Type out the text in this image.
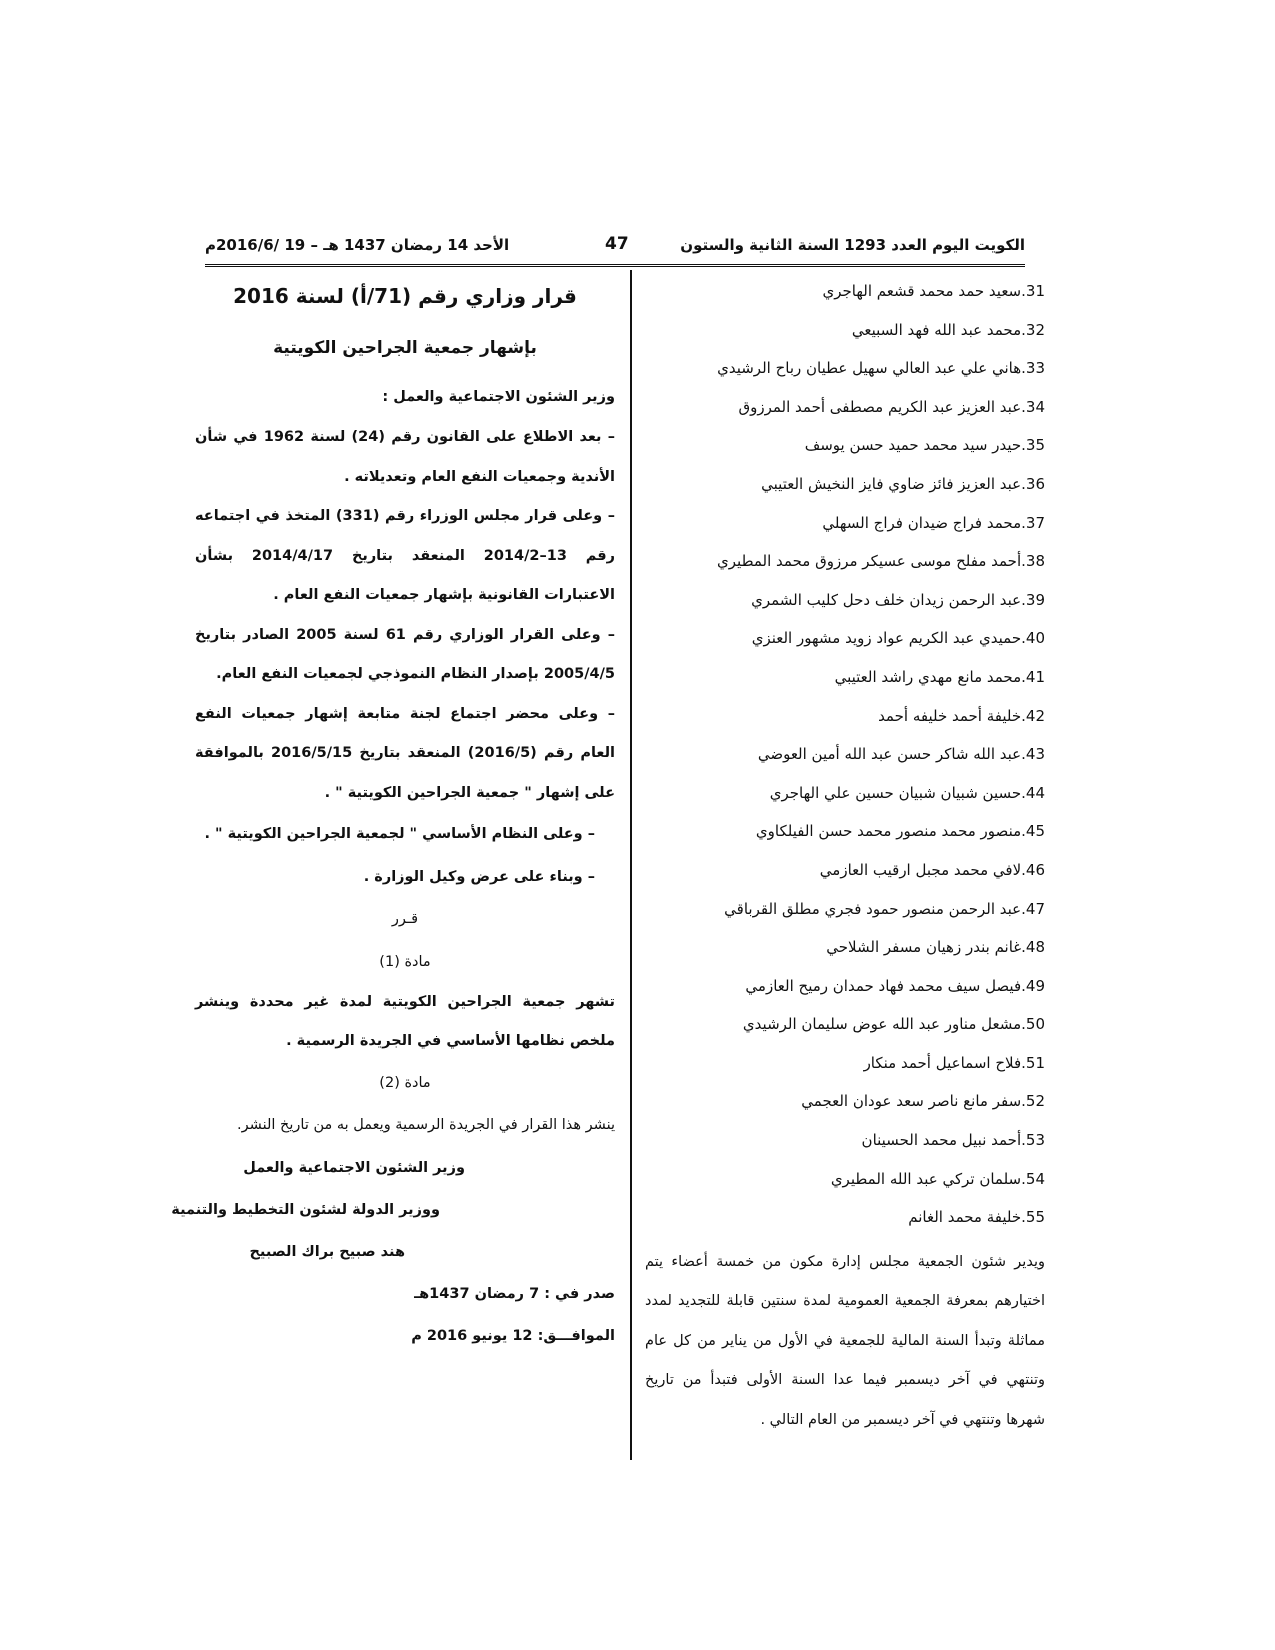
الكويت اليوم العدد 1293 السنة الثانية والستون
47
الأحد 14 رمضان 1437 هـ – 19 /2016/6م
31.سعيد حمد محمد قشعم الهاجري
32.محمد عبد الله فهد السبيعي
33.هاني علي عبد العالي سهيل عطيان رباح الرشيدي
34.عبد العزيز عبد الكريم مصطفى أحمد المرزوق
35.حيدر سيد محمد حميد حسن يوسف
36.عبد العزيز فائز ضاوي فايز النخيش العتيبي
37.محمد فراج ضيدان فراج السهلي
38.أحمد مفلح موسى عسيكر مرزوق محمد المطيري
39.عبد الرحمن زيدان خلف دحل كليب الشمري
40.حميدي عبد الكريم عواد زويد مشهور العنزي
41.محمد مانع مهدي راشد العتيبي
42.خليفة أحمد خليفه أحمد
43.عبد الله شاكر حسن عبد الله أمين العوضي
44.حسين شبيان شبيان حسين علي الهاجري
45.منصور محمد منصور محمد حسن الفيلكاوي
46.لافي محمد مجبل ارقيب العازمي
47.عبد الرحمن منصور حمود فجري مطلق القرباقي
48.غانم بندر زهيان مسفر الشلاحي
49.فيصل سيف محمد فهاد حمدان رميح العازمي
50.مشعل مناور عبد الله عوض سليمان الرشيدي
51.فلاح اسماعيل أحمد منكار
52.سفر مانع ناصر سعد عودان العجمي
53.أحمد نبيل محمد الحسينان
54.سلمان تركي عبد الله المطيري
55.خليفة محمد الغانم
ويدير شئون الجمعية مجلس إدارة مكون من خمسة أعضاء يتم اختيارهم بمعرفة الجمعية العمومية لمدة سنتين قابلة للتجديد لمدد مماثلة وتبدأ السنة المالية للجمعية في الأول من يناير من كل عام وتنتهي في آخر ديسمبر فيما عدا السنة الأولى فتبدأ من تاريخ شهرها وتنتهي في آخر ديسمبر من العام التالي .
قرار وزاري رقم (71/أ) لسنة 2016
بإشهار جمعية الجراحين الكويتية
وزير الشئون الاجتماعية والعمل :
– بعد الاطلاع على القانون رقم (24) لسنة 1962 في شأن الأندية وجمعيات النفع العام وتعديلاته .
– وعلى قرار مجلس الوزراء رقم (331) المتخذ في اجتماعه رقم 13–2014/2 المنعقد بتاريخ 2014/4/17 بشأن الاعتبارات القانونية بإشهار جمعيات النفع العام .
– وعلى القرار الوزاري رقم 61 لسنة 2005 الصادر بتاريخ 2005/4/5 بإصدار النظام النموذجي لجمعيات النفع العام.
– وعلى محضر اجتماع لجنة متابعة إشهار جمعيات النفع العام رقم (2016/5) المنعقد بتاريخ 2016/5/15 بالموافقة على إشهار " جمعية الجراحين الكويتية " .
– وعلى النظام الأساسي " لجمعية الجراحين الكويتية " .
– وبناء على عرض وكيل الوزارة .
قـرر
مادة (1)
تشهر جمعية الجراحين الكويتية لمدة غير محددة وينشر ملخص نظامها الأساسي في الجريدة الرسمية .
مادة (2)
ينشر هذا القرار في الجريدة الرسمية ويعمل به من تاريخ النشر.
وزير الشئون الاجتماعية والعمل
ووزير الدولة لشئون التخطيط والتنمية
هند صبيح براك الصبيح
صدر في : 7 رمضان 1437هـ
الموافـــق: 12 يونيو 2016 م
